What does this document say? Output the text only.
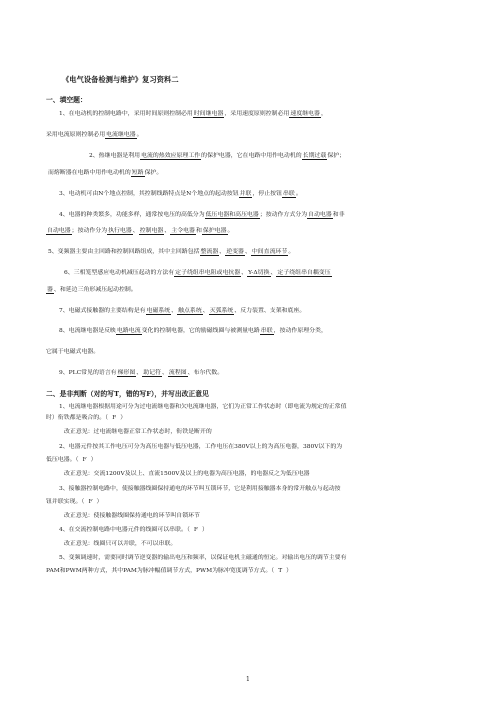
《电气设备检测与维护》复习资料二
一、填空题：
1、在电动机的控制电路中，采用时间原则控制必用时间继电器，采用速度原则控制必用速度继电器，
采用电流原则控制必用电流继电器。
2、热继电器是利用电流的热效应原理工作的保护电器，它在电路中用作电动机的长期过载保护；
而熔断器在电路中用作电动机的短路保护。
3、电动机可由N个地点控制，其控制线路特点是N个地点的起动按钮并联，停止按钮串联。
4、电器的种类繁多，功能多样，通常按电压的高低分为低压电器和高压电器；按动作方式分为自动电器和非
自动电器；按动作分为执行电器、控制电器、主令电器和保护电器。
5、变频器主要由主回路和控制回路组成，其中主回路包括整流器、逆变器、中间直流环节。
6、三相笼型感应电动机减压起动的方法有定子绕组串电阻或电抗器、Y-Δ切换、定子绕组串自耦变压
器、和延边三角形减压起动控制。
7、电磁式接触器的主要结构是有电磁系统、触点系统、灭弧系统、反力装置、支架和底座。
8、电流继电器是反映电路电流变化的控制电器，它的励磁线圈与被测量电路串联，按动作原理分类，
它属于电磁式电器。
9、PLC常见的语言有梯形图、助记符、流程图、布尔代数。
二、是非判断（对的写T，错的写F），并写出改正意见
1、电流继电器根据用途可分为过电流继电器和欠电流继电器，它们为正常工作状态时（即电流为规定的正常值
时）衔铁都是吸合的。（ F ）
改正意见：过电流继电器正常工作状态时，衔铁是断开的
2、电器元件按其工作电压可分为高压电器与低压电器，工作电压在380V以上的为高压电器，380V以下的为
低压电器。（ F ）
改正意见：交流1200V及以上、直流1500V及以上的电器为高压电器，的电器反之为低压电器
3、接触器控制电路中，使接触器线圈保持通电的环节叫互锁环节，它是利用接触器本身的常开触点与起动按
钮并联实现。（ F ）
改正意见：使接触器线圈保持通电的环节叫自锁环节
4、在交流控制电路中电器元件的线圈可以串联。（ F ）
改正意见：线圈只可以并联，不可以串联。
5、变频调速时，需要同时调节逆变器的输出电压和频率，以保证电机主磁通的恒定。对输出电压的调节主要有
PAM和PWM两种方式，其中PAM为脉冲幅值调节方式，PWM为脉冲宽度调节方式。（ T ）
1
